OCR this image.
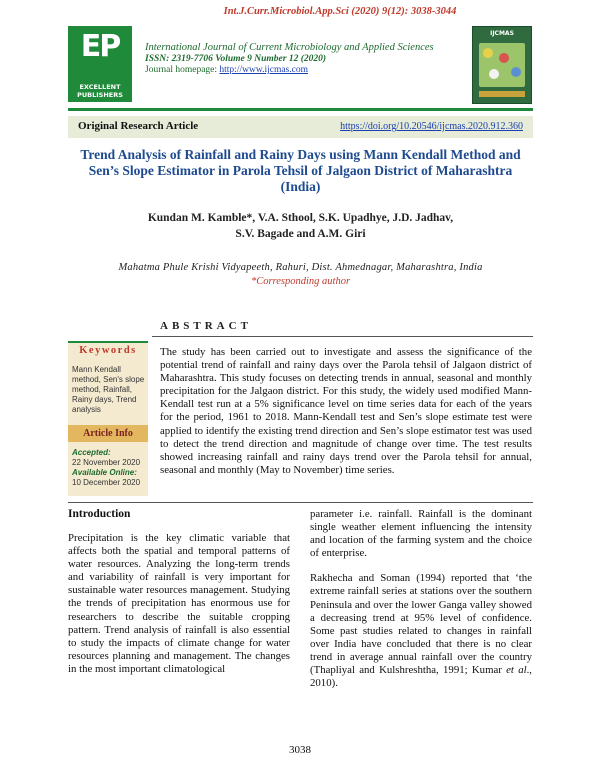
Int.J.Curr.Microbiol.App.Sci (2020) 9(12): 3038-3044
EP
EXCELLENT PUBLISHERS
International Journal of Current Microbiology and Applied Sciences
ISSN: 2319-7706 Volume 9 Number 12 (2020)
Journal homepage: http://www.ijcmas.com
IJCMAS
Original Research Article	https://doi.org/10.20546/ijcmas.2020.912.360
Trend Analysis of Rainfall and Rainy Days using Mann Kendall Method and Sen’s Slope Estimator in Parola Tehsil of Jalgaon District of Maharashtra (India)
Kundan M. Kamble*, V.A. Sthool, S.K. Upadhye, J.D. Jadhav,
S.V. Bagade and A.M. Giri
Mahatma Phule Krishi Vidyapeeth, Rahuri, Dist. Ahmednagar, Maharashtra, India
*Corresponding author
ABSTRACT
Keywords
Mann Kendall method, Sen's slope method, Rainfall, Rainy days, Trend analysis
Article Info
Accepted:
22 November 2020
Available Online:
10 December 2020
The study has been carried out to investigate and assess the significance of the potential trend of rainfall and rainy days over the Parola tehsil of Jalgaon district of Maharashtra. This study focuses on detecting trends in annual, seasonal and monthly precipitation for the Jalgaon district. For this study, the widely used modified Mann- Kendall test run at a 5% significance level on time series data for each of the years for the period, 1961 to 2018. Mann-Kendall test and Sen’s slope estimate test were applied to identify the existing trend direction and Sen’s slope estimator test was used to detect the trend direction and magnitude of change over time. The test results showed increasing rainfall and rainy days trend over the Parola tehsil for annual, seasonal and monthly (May to November) time series.
Introduction
Precipitation is the key climatic variable that affects both the spatial and temporal patterns of water resources. Analyzing the long-term trends and variability of rainfall is very important for sustainable water resources management. Studying the trends of precipitation has enormous use for researchers to describe the suitable cropping pattern. Trend analysis of rainfall is also essential to study the impacts of climate change for water resources planning and management. The changes in the most important climatological
parameter i.e. rainfall. Rainfall is the dominant single weather element influencing the intensity and location of the farming system and the choice of enterprise.
Rakhecha and Soman (1994) reported that ‘the extreme rainfall series at stations over the southern Peninsula and over the lower Ganga valley showed a decreasing trend at 95% level of confidence. Some past studies related to changes in rainfall over India have concluded that there is no clear trend in average annual rainfall over the country (Thapliyal and Kulshreshtha, 1991; Kumar et al., 2010).
3038
